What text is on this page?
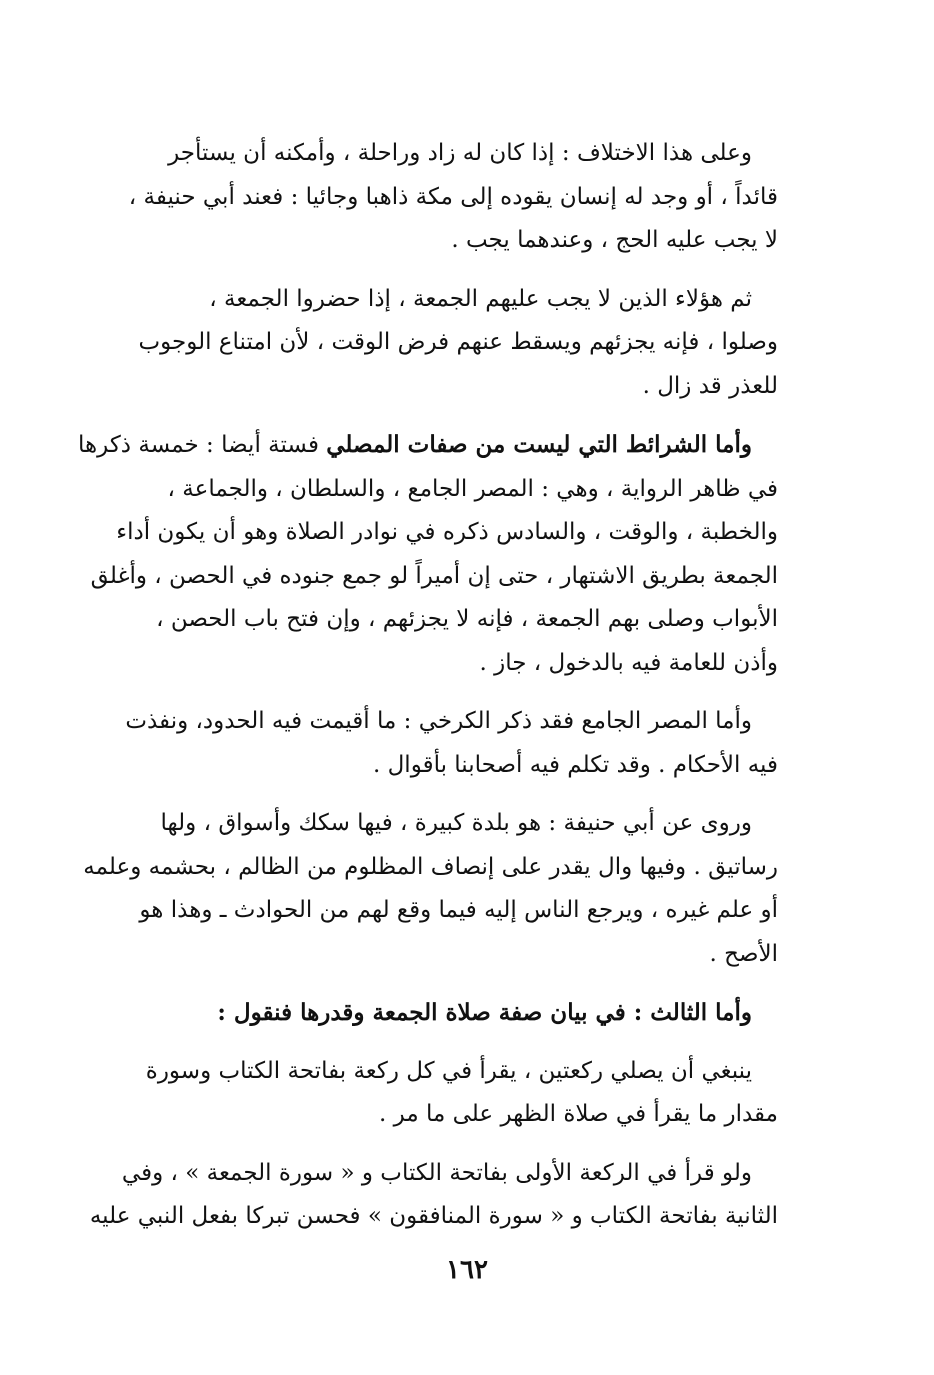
وعلى هذا الاختلاف : إذا كان له زاد وراحلة ، وأمكنه أن يستأجر
قائداً ، أو وجد له إنسان يقوده إلى مكة ذاهبا وجائيا : فعند أبي حنيفة ،
لا يجب عليه الحج ، وعندهما يجب .
ثم هؤلاء الذين لا يجب عليهم الجمعة ، إذا حضروا الجمعة ،
وصلوا ، فإنه يجزئهم ويسقط عنهم فرض الوقت ، لأن امتناع الوجوب
للعذر قد زال .
وأما الشرائط التي ليست من صفات المصلي فستة أيضا : خمسة ذكرها
في ظاهر الرواية ، وهي : المصر الجامع ، والسلطان ، والجماعة ،
والخطبة ، والوقت ، والسادس ذكره في نوادر الصلاة وهو أن يكون أداء
الجمعة بطريق الاشتهار ، حتى إن أميراً لو جمع جنوده في الحصن ، وأغلق
الأبواب وصلى بهم الجمعة ، فإنه لا يجزئهم ، وإن فتح باب الحصن ،
وأذن للعامة فيه بالدخول ، جاز .
وأما المصر الجامع فقد ذكر الكرخي : ما أقيمت فيه الحدود، ونفذت
فيه الأحكام . وقد تكلم فيه أصحابنا بأقوال .
وروى عن أبي حنيفة : هو بلدة كبيرة ، فيها سكك وأسواق ، ولها
رساتيق . وفيها وال يقدر على إنصاف المظلوم من الظالم ، بحشمه وعلمه
أو علم غيره ، ويرجع الناس إليه فيما وقع لهم من الحوادث ـ وهذا هو
الأصح .
وأما الثالث : في بيان صفة صلاة الجمعة وقدرها فنقول :
ينبغي أن يصلي ركعتين ، يقرأ في كل ركعة بفاتحة الكتاب وسورة
مقدار ما يقرأ في صلاة الظهر على ما مر .
ولو قرأ في الركعة الأولى بفاتحة الكتاب و « سورة الجمعة » ، وفي
الثانية بفاتحة الكتاب و « سورة المنافقون » فحسن تبركا بفعل النبي عليه
١٦٢
